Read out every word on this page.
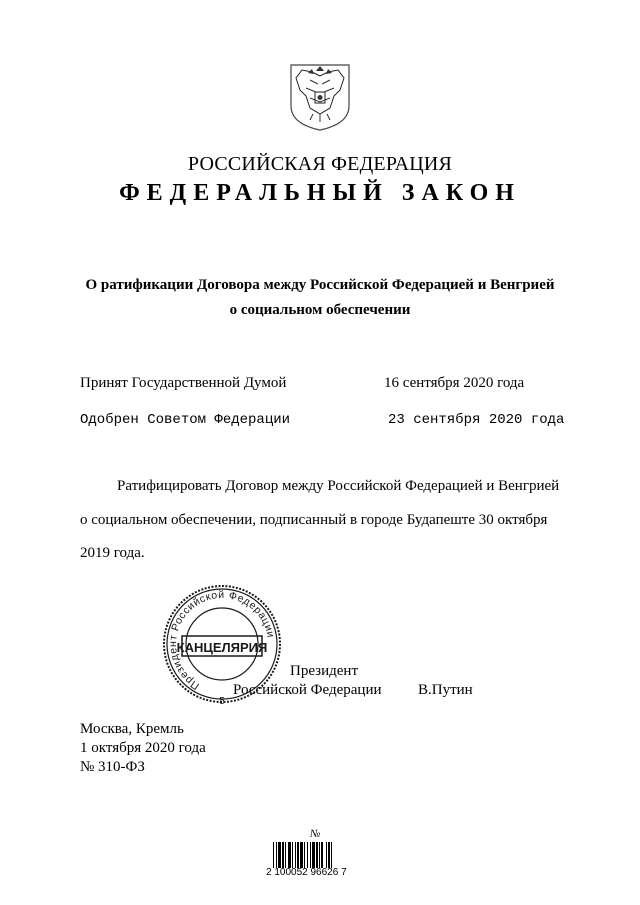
РОССИЙСКАЯ ФЕДЕРАЦИЯ
ФЕДЕРАЛЬНЫЙ ЗАКОН
О ратификации Договора между Российской Федерацией и Венгрией
о социальном обеспечении
Принят Государственной Думой	16 сентября 2020 года
Одобрен Советом Федерации	23 сентября 2020 года
Ратифицировать Договор между Российской Федерацией и Венгрией
о социальном обеспечении, подписанный в городе Будапеште 30 октября
2019 года.
Президент Российской Федерации
КАНЦЕЛЯРИЯ
5
Президент
Российской Федерации В.Путин
Москва, Кремль
1 октября 2020 года
№ 310-ФЗ
№
2 100052 96626 7
